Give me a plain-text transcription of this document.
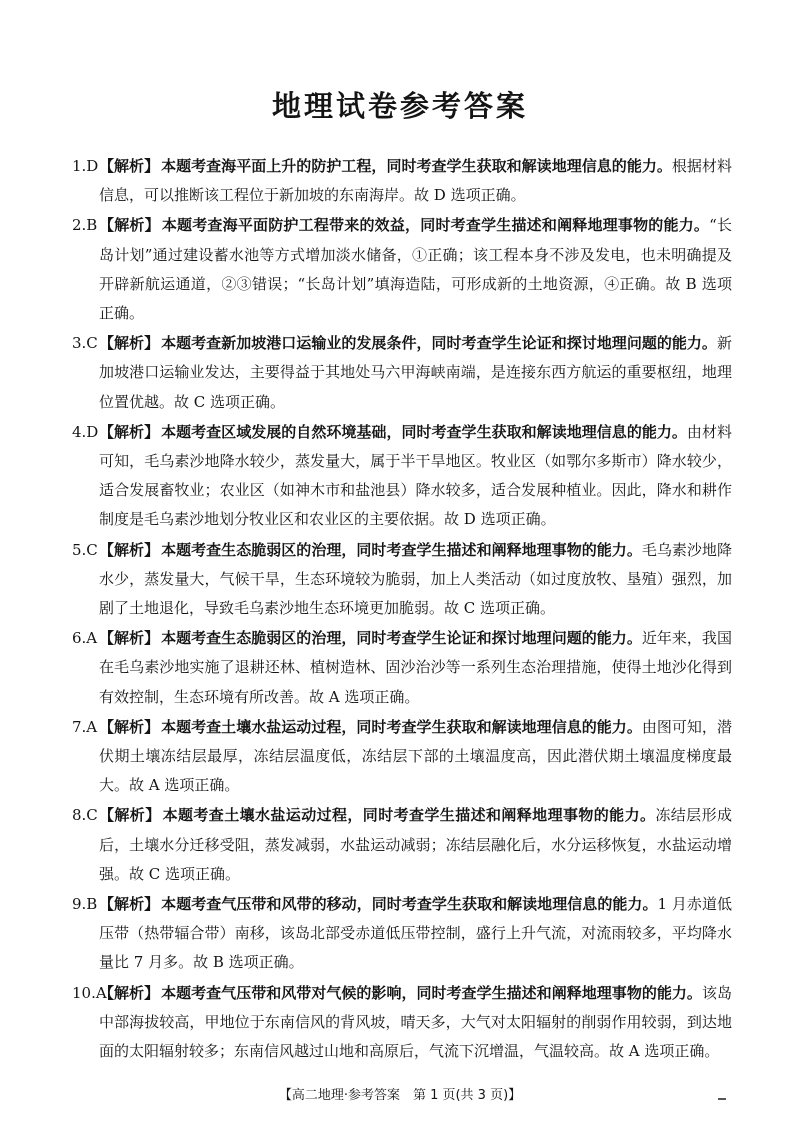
地理试卷参考答案
1.D 【解析】 本题考查海平面上升的防护工程，同时考查学生获取和解读地理信息的能力。根据材料信息，可以推断该工程位于新加坡的东南海岸。故 D 选项正确。
2.B 【解析】 本题考查海平面防护工程带来的效益，同时考查学生描述和阐释地理事物的能力。“长岛计划”通过建设蓄水池等方式增加淡水储备，①正确；该工程本身不涉及发电，也未明确提及开辟新航运通道，②③错误；“长岛计划”填海造陆，可形成新的土地资源，④正确。故 B 选项正确。
3.C 【解析】 本题考查新加坡港口运输业的发展条件，同时考查学生论证和探讨地理问题的能力。新加坡港口运输业发达，主要得益于其地处马六甲海峡南端，是连接东西方航运的重要枢纽，地理位置优越。故 C 选项正确。
4.D 【解析】 本题考查区域发展的自然环境基础，同时考查学生获取和解读地理信息的能力。由材料可知，毛乌素沙地降水较少，蒸发量大，属于半干旱地区。牧业区（如鄂尔多斯市）降水较少，适合发展畜牧业；农业区（如神木市和盐池县）降水较多，适合发展种植业。因此，降水和耕作制度是毛乌素沙地划分牧业区和农业区的主要依据。故 D 选项正确。
5.C 【解析】 本题考查生态脆弱区的治理，同时考查学生描述和阐释地理事物的能力。毛乌素沙地降水少，蒸发量大，气候干旱，生态环境较为脆弱，加上人类活动（如过度放牧、垦殖）强烈，加剧了土地退化，导致毛乌素沙地生态环境更加脆弱。故 C 选项正确。
6.A 【解析】 本题考查生态脆弱区的治理，同时考查学生论证和探讨地理问题的能力。近年来，我国在毛乌素沙地实施了退耕还林、植树造林、固沙治沙等一系列生态治理措施，使得土地沙化得到有效控制，生态环境有所改善。故 A 选项正确。
7.A 【解析】 本题考查土壤水盐运动过程，同时考查学生获取和解读地理信息的能力。由图可知，潜伏期土壤冻结层最厚，冻结层温度低，冻结层下部的土壤温度高，因此潜伏期土壤温度梯度最大。故 A 选项正确。
8.C 【解析】 本题考查土壤水盐运动过程，同时考查学生描述和阐释地理事物的能力。冻结层形成后，土壤水分迁移受阻，蒸发减弱，水盐运动减弱；冻结层融化后，水分运移恢复，水盐运动增强。故 C 选项正确。
9.B 【解析】 本题考查气压带和风带的移动，同时考查学生获取和解读地理信息的能力。1 月赤道低压带（热带辐合带）南移，该岛北部受赤道低压带控制，盛行上升气流，对流雨较多，平均降水量比 7 月多。故 B 选项正确。
10.A
【解析】 本题考查气压带和风带对气候的影响，同时考查学生描述和阐释地理事物的能力。该岛中部海拔较高，甲地位于东南信风的背风坡，晴天多，大气对太阳辐射的削弱作用较弱，到达地面的太阳辐射较多；东南信风越过山地和高原后，气流下沉增温，气温较高。故 A 选项正确。
【高二地理·参考答案　第 1 页(共 3 页)】
